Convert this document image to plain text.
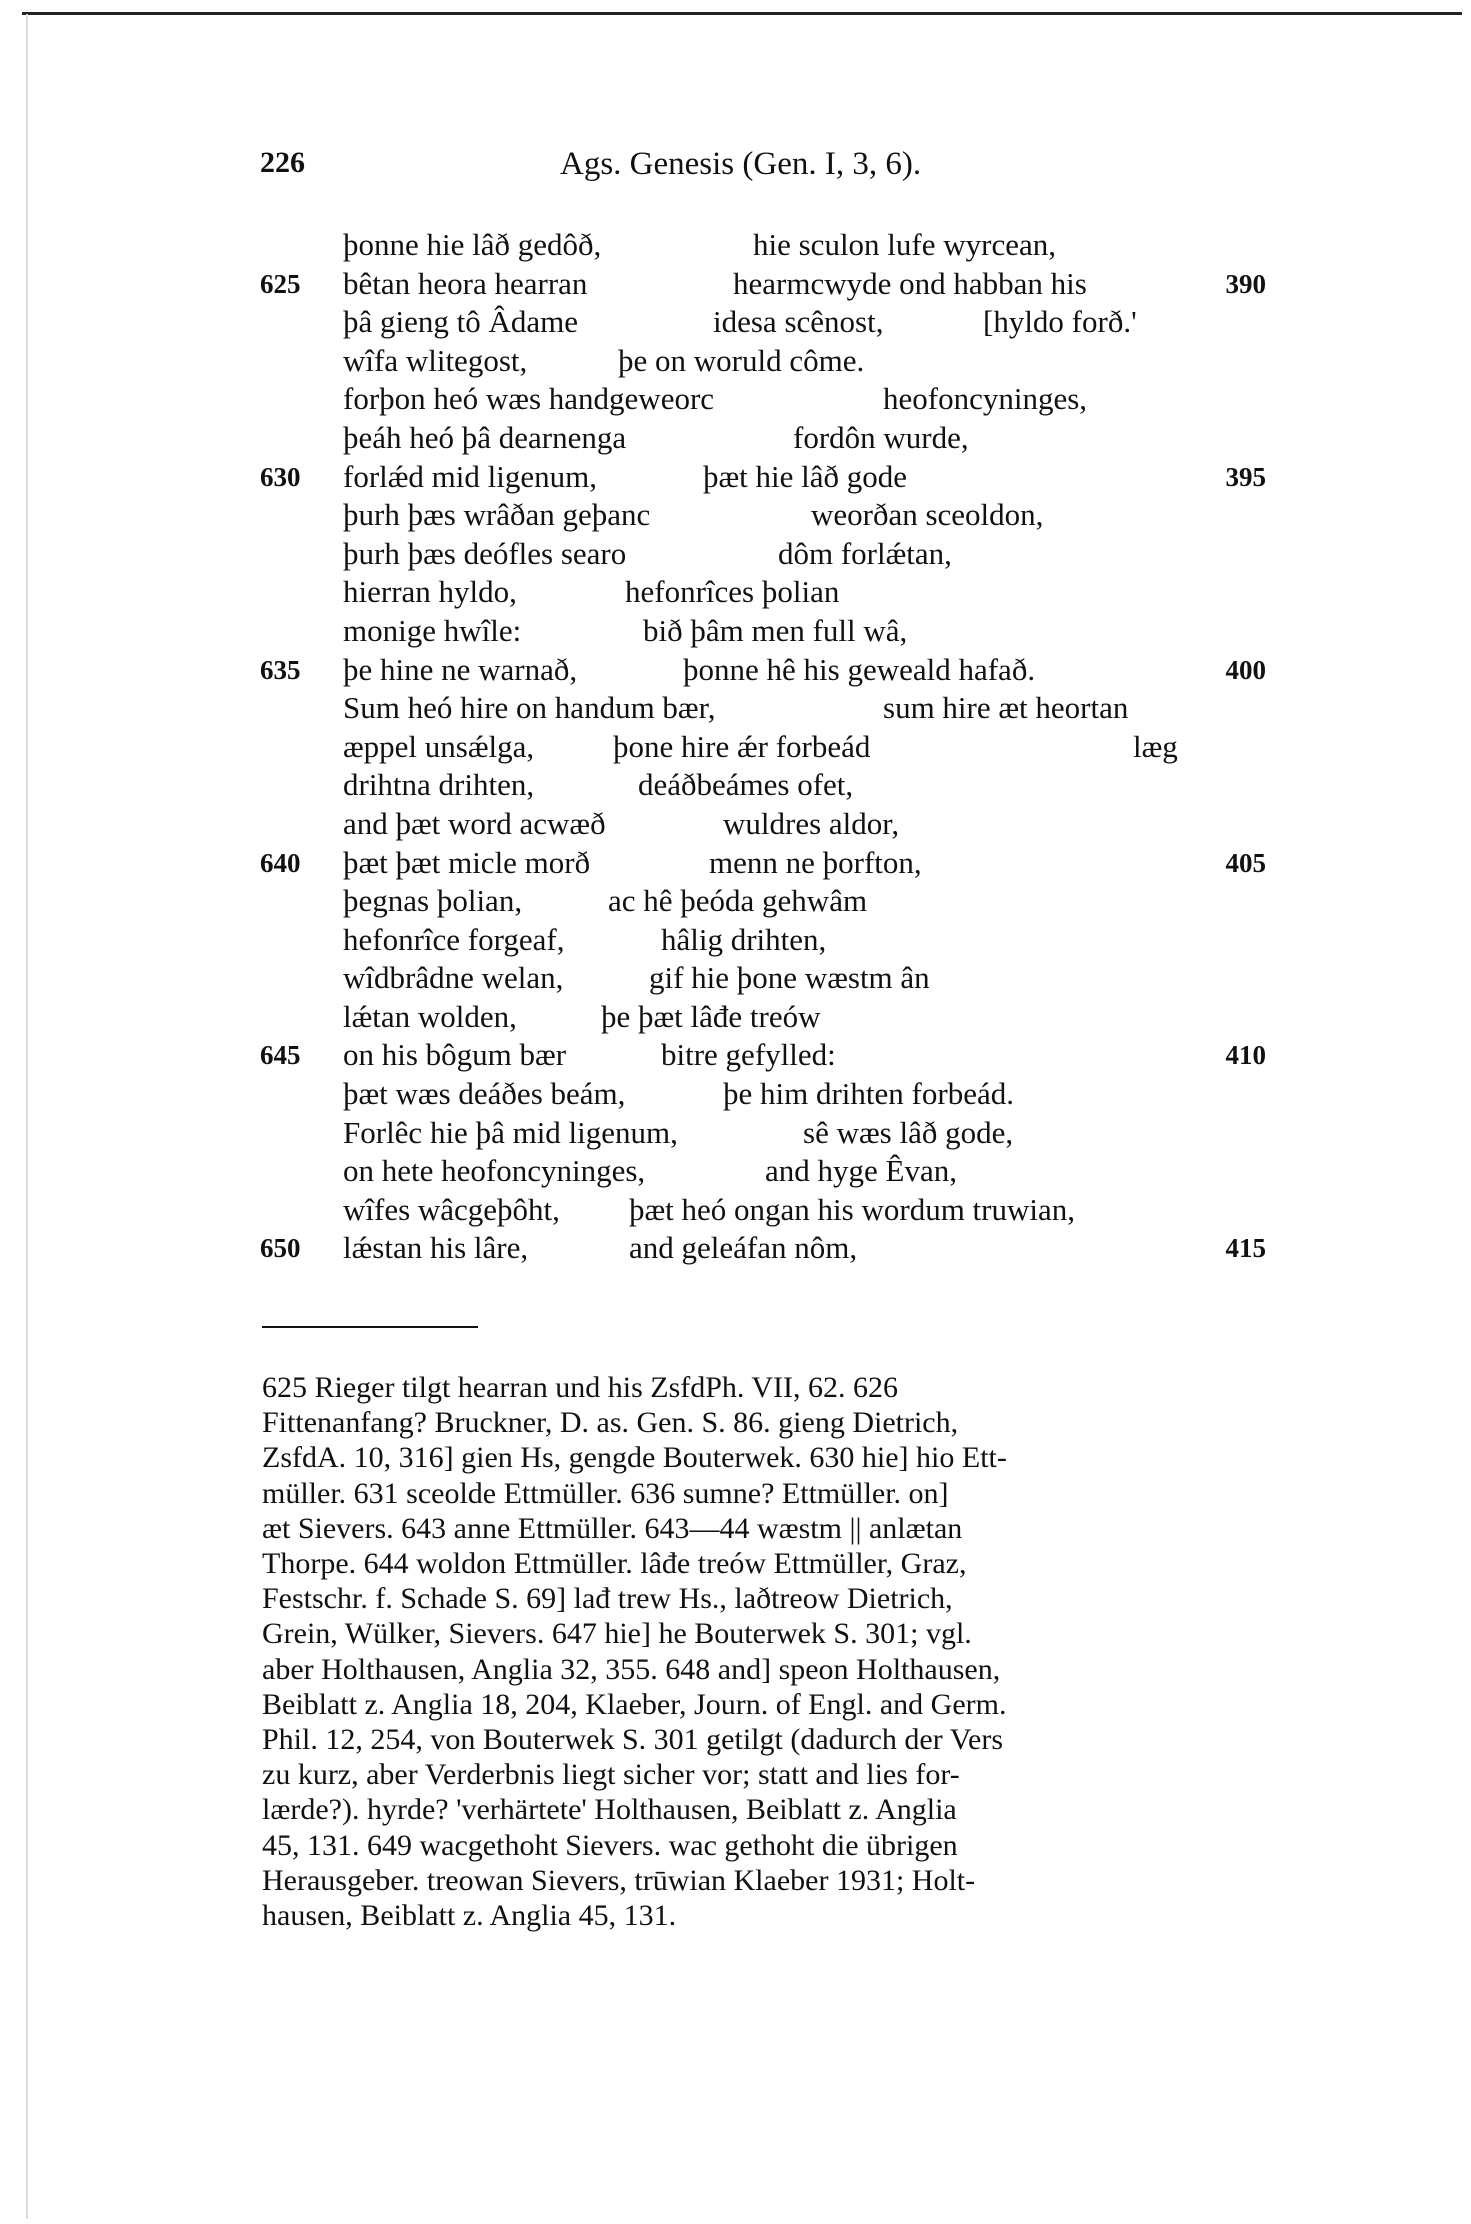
226	Ags. Genesis (Gen. I, 3, 6).
þonne hie lâð gedôð,	hie sculon lufe wyrcean,
625	bêtan heora hearran	hearmcwyde ond habban his	390
þâ gieng tô Âdame	idesa scênost,	[hyldo forð.'
wîfa wlitegost,	þe on woruld côme.
forþon heó wæs handgeweorc	heofoncyninges,
þeáh heó þâ dearnenga	fordôn wurde,
630	forlǽd mid ligenum,	þæt hie lâð gode	395
þurh þæs wrâðan geþanc	weorðan sceoldon,
þurh þæs deófles searo	dôm forlǽtan,
hierran hyldo,	hefonrîces þolian
monige hwîle:	bið þâm men full wâ,
635	þe hine ne warnað,	þonne hê his geweald hafað.	400
Sum heó hire on handum bær,	sum hire æt heortan
æppel unsǽlga,	þone hire ǽr forbeád	læg
drihtna drihten,	deáðbeámes ofet,
and þæt word acwæð	wuldres aldor,
640	þæt þæt micle morð	menn ne þorfton,	405
þegnas þolian,	ac hê þeóda gehwâm
hefonrîce forgeaf,	hâlig drihten,
wîdbrâdne welan,	gif hie þone wæstm ân
lǽtan wolden,	þe þæt lâđe treów
645	on his bôgum bær	bitre gefylled:	410
þæt wæs deáðes beám,	þe him drihten forbeád.
Forlêc hie þâ mid ligenum,	sê wæs lâð gode,
on hete heofoncyninges,	and hyge Êvan,
wîfes wâcgeþôht, þæt heó ongan his wordum truwian,
650	lǽstan his lâre,	and geleáfan nôm,	415
625 Rieger tilgt hearran und his ZsfdPh. VII, 62. 626
Fittenanfang? Bruckner, D. as. Gen. S. 86. gieng Dietrich,
ZsfdA. 10, 316] gien Hs, gengde Bouterwek. 630 hie] hio Ett-
müller. 631 sceolde Ettmüller. 636 sumne? Ettmüller. on]
æt Sievers. 643 anne Ettmüller. 643—44 wæstm || anlætan
Thorpe. 644 woldon Ettmüller. lâđe treów Ettmüller, Graz,
Festschr. f. Schade S. 69] lađ trew Hs., laðtreow Dietrich,
Grein, Wülker, Sievers. 647 hie] he Bouterwek S. 301; vgl.
aber Holthausen, Anglia 32, 355. 648 and] speon Holthausen,
Beiblatt z. Anglia 18, 204, Klaeber, Journ. of Engl. and Germ.
Phil. 12, 254, von Bouterwek S. 301 getilgt (dadurch der Vers
zu kurz, aber Verderbnis liegt sicher vor; statt and lies for-
lærde?). hyrde? 'verhärtete' Holthausen, Beiblatt z. Anglia
45, 131. 649 wacgethoht Sievers. wac gethoht die übrigen
Herausgeber. treowan Sievers, trūwian Klaeber 1931; Holt-
hausen, Beiblatt z. Anglia 45, 131.
